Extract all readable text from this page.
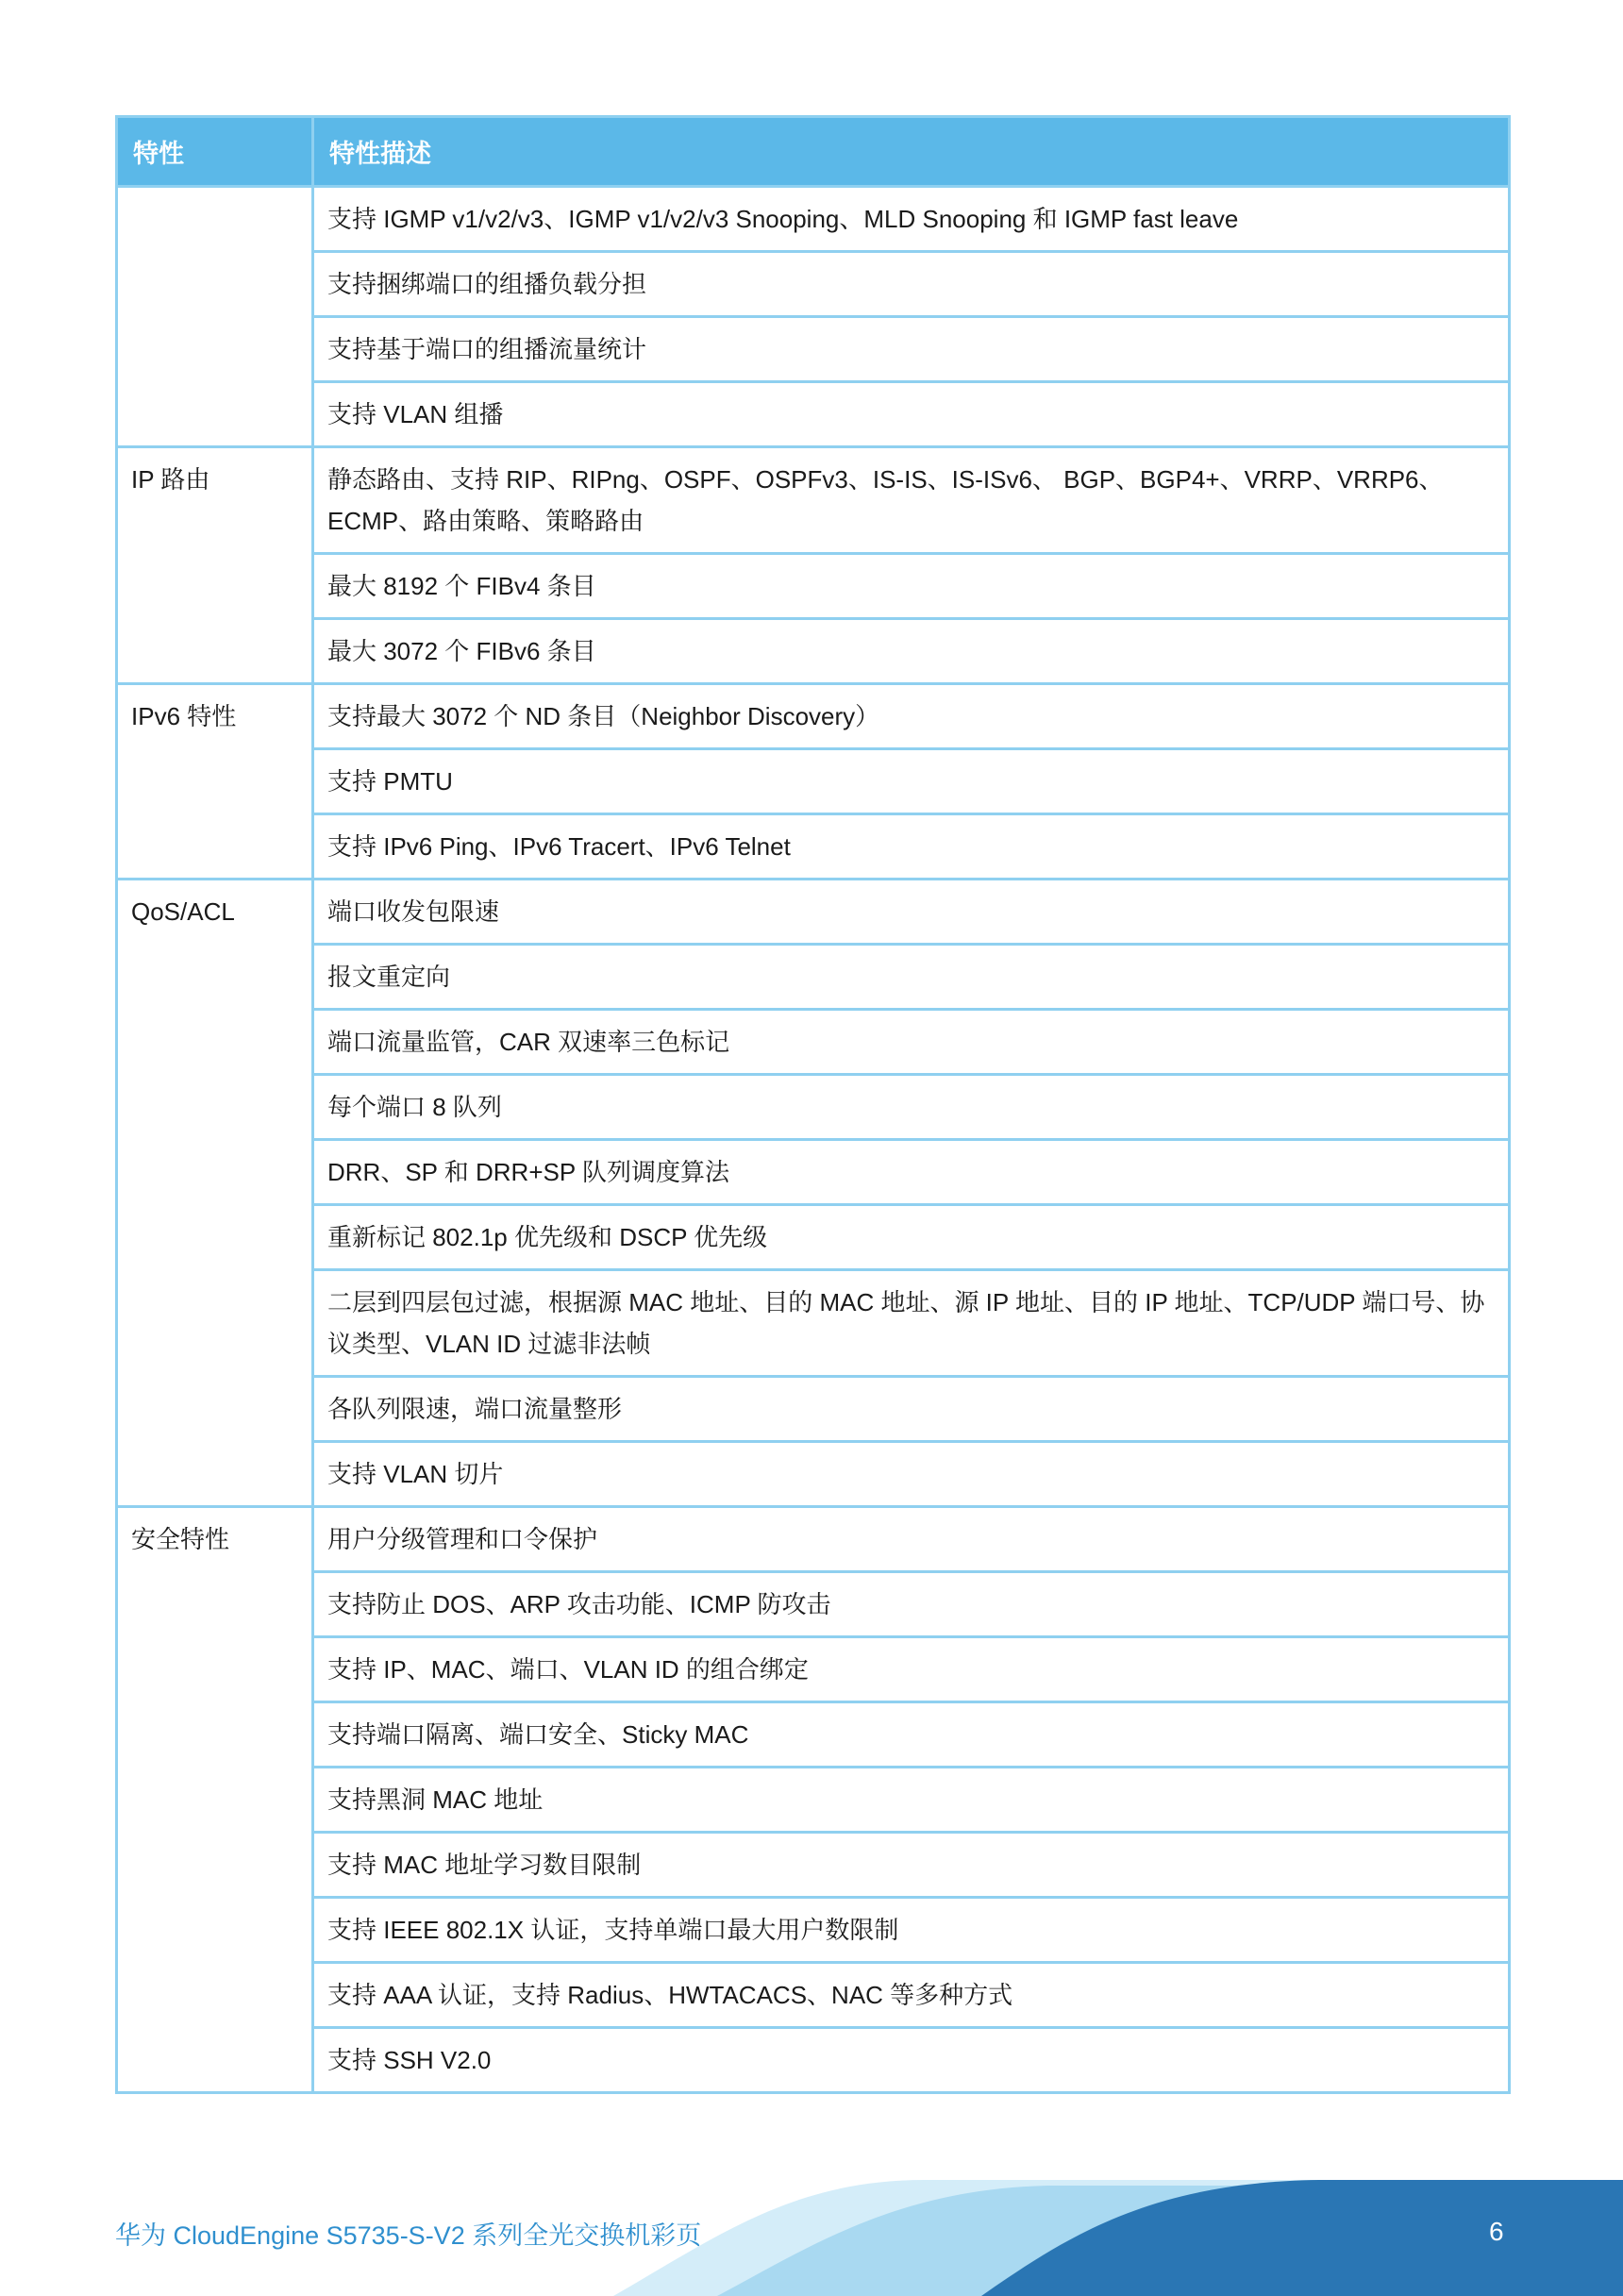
特性	特性描述
	支持 IGMP v1/v2/v3、IGMP v1/v2/v3 Snooping、MLD Snooping 和 IGMP fast leave
	支持捆绑端口的组播负载分担
	支持基于端口的组播流量统计
	支持 VLAN 组播
IP 路由	静态路由、支持 RIP、RIPng、OSPF、OSPFv3、IS-IS、IS-ISv6、 BGP、BGP4+、VRRP、VRRP6、ECMP、路由策略、策略路由
	最大 8192 个 FIBv4 条目
	最大 3072 个 FIBv6 条目
IPv6 特性	支持最大 3072 个 ND 条目（Neighbor Discovery）
	支持 PMTU
	支持 IPv6 Ping、IPv6 Tracert、IPv6 Telnet
QoS/ACL	端口收发包限速
	报文重定向
	端口流量监管，CAR 双速率三色标记
	每个端口 8 队列
	DRR、SP 和 DRR+SP 队列调度算法
	重新标记 802.1p 优先级和 DSCP 优先级
	二层到四层包过滤，根据源 MAC 地址、目的 MAC 地址、源 IP 地址、目的 IP 地址、TCP/UDP 端口号、协议类型、VLAN ID 过滤非法帧
	各队列限速，端口流量整形
	支持 VLAN 切片
安全特性	用户分级管理和口令保护
	支持防止 DOS、ARP 攻击功能、ICMP 防攻击
	支持 IP、MAC、端口、VLAN ID 的组合绑定
	支持端口隔离、端口安全、Sticky MAC
	支持黑洞 MAC 地址
	支持 MAC 地址学习数目限制
	支持 IEEE 802.1X 认证，支持单端口最大用户数限制
	支持 AAA 认证，支持 Radius、HWTACACS、NAC 等多种方式
	支持 SSH V2.0
华为 CloudEngine S5735-S-V2 系列全光交换机彩页	6
